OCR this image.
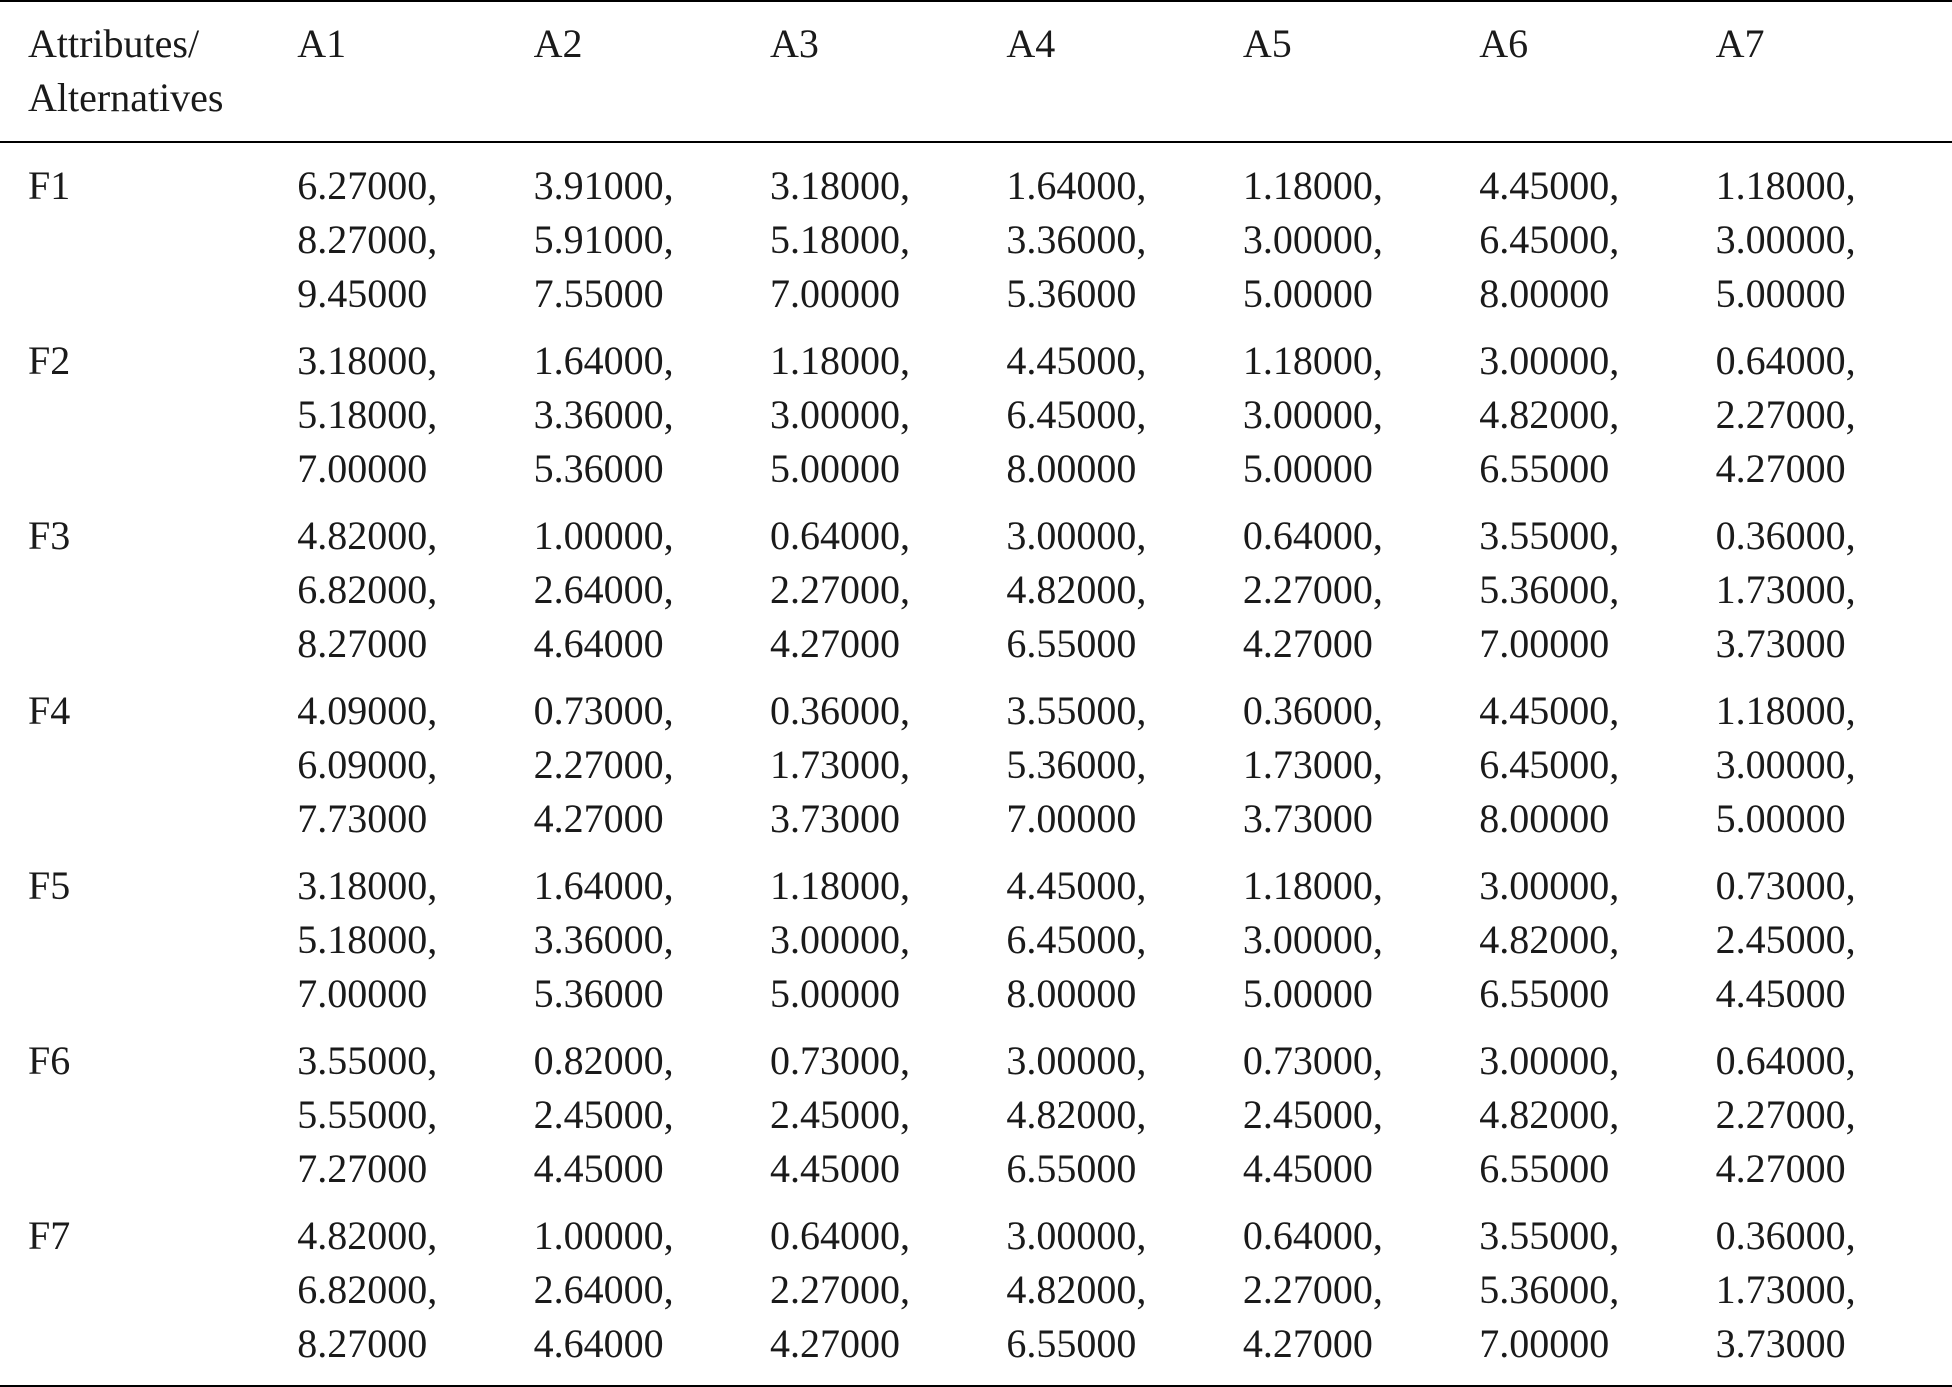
Attributes/
Alternatives	A1	A2	A3	A4	A5	A6	A7
F1	6.27000,
8.27000,
9.45000	3.91000,
5.91000,
7.55000	3.18000,
5.18000,
7.00000	1.64000,
3.36000,
5.36000	1.18000,
3.00000,
5.00000	4.45000,
6.45000,
8.00000	1.18000,
3.00000,
5.00000

F2	3.18000,
5.18000,
7.00000	1.64000,
3.36000,
5.36000	1.18000,
3.00000,
5.00000	4.45000,
6.45000,
8.00000	1.18000,
3.00000,
5.00000	3.00000,
4.82000,
6.55000	0.64000,
2.27000,
4.27000

F3	4.82000,
6.82000,
8.27000	1.00000,
2.64000,
4.64000	0.64000,
2.27000,
4.27000	3.00000,
4.82000,
6.55000	0.64000,
2.27000,
4.27000	3.55000,
5.36000,
7.00000	0.36000,
1.73000,
3.73000

F4	4.09000,
6.09000,
7.73000	0.73000,
2.27000,
4.27000	0.36000,
1.73000,
3.73000	3.55000,
5.36000,
7.00000	0.36000,
1.73000,
3.73000	4.45000,
6.45000,
8.00000	1.18000,
3.00000,
5.00000

F5	3.18000,
5.18000,
7.00000	1.64000,
3.36000,
5.36000	1.18000,
3.00000,
5.00000	4.45000,
6.45000,
8.00000	1.18000,
3.00000,
5.00000	3.00000,
4.82000,
6.55000	0.73000,
2.45000,
4.45000

F6	3.55000,
5.55000,
7.27000	0.82000,
2.45000,
4.45000	0.73000,
2.45000,
4.45000	3.00000,
4.82000,
6.55000	0.73000,
2.45000,
4.45000	3.00000,
4.82000,
6.55000	0.64000,
2.27000,
4.27000

F7	4.82000,
6.82000,
8.27000	1.00000,
2.64000,
4.64000	0.64000,
2.27000,
4.27000	3.00000,
4.82000,
6.55000	0.64000,
2.27000,
4.27000	3.55000,
5.36000,
7.00000	0.36000,
1.73000,
3.73000
